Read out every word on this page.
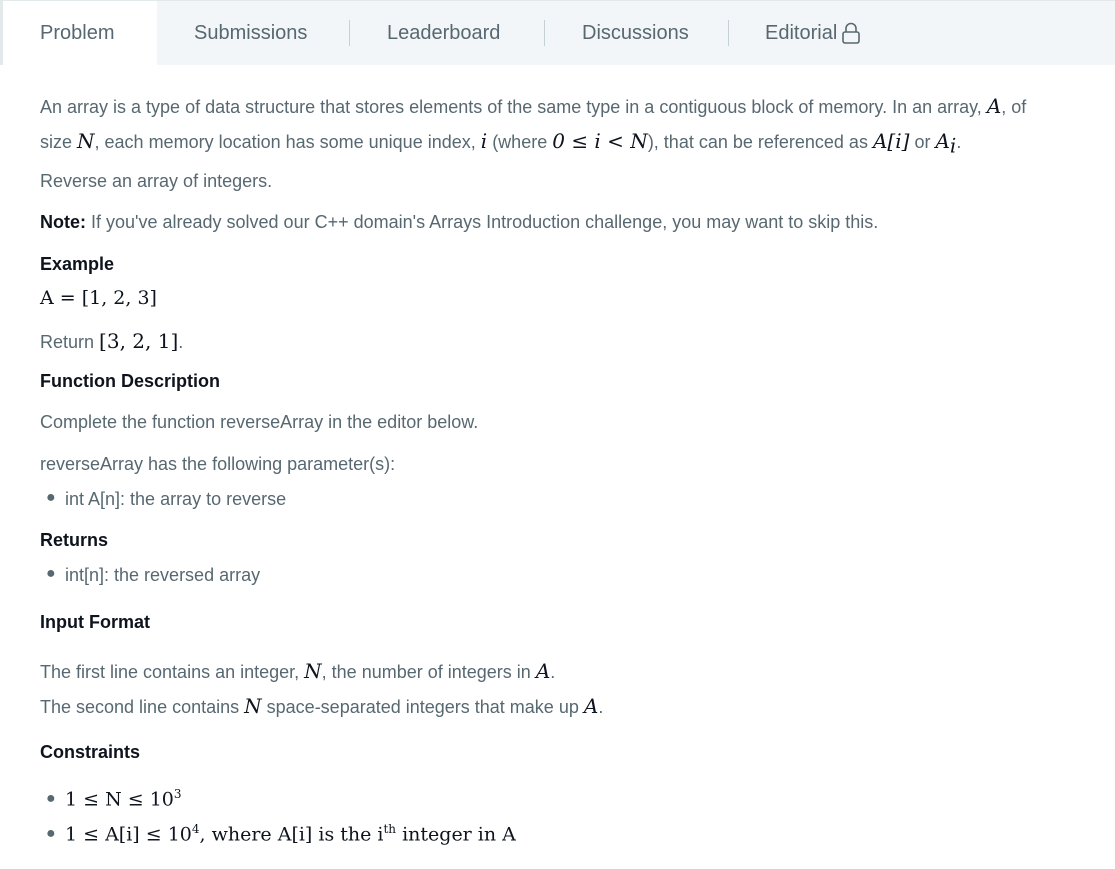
Problem	Submissions	Leaderboard	Discussions	Editorial
An array is a type of data structure that stores elements of the same type in a contiguous block of memory. In an array, A, of
size N, each memory location has some unique index, i (where 0 ≤ i < N), that can be referenced as A[i] or $A_i$.
Reverse an array of integers.
Note: If you've already solved our C++ domain's Arrays Introduction challenge, you may want to skip this.
Example
A = [1, 2, 3]
Return [3, 2, 1].
Function Description
Complete the function reverseArray in the editor below.
reverseArray has the following parameter(s):
● int A[n]: the array to reverse
Returns
● int[n]: the reversed array
Input Format
The first line contains an integer, N, the number of integers in A.
The second line contains N space-separated integers that make up A.
Constraints
● $1 \le N \le 10^3$
● $1 \le A[i] \le 10^4$, where A[i] is the $i^{th}$ integer in A
